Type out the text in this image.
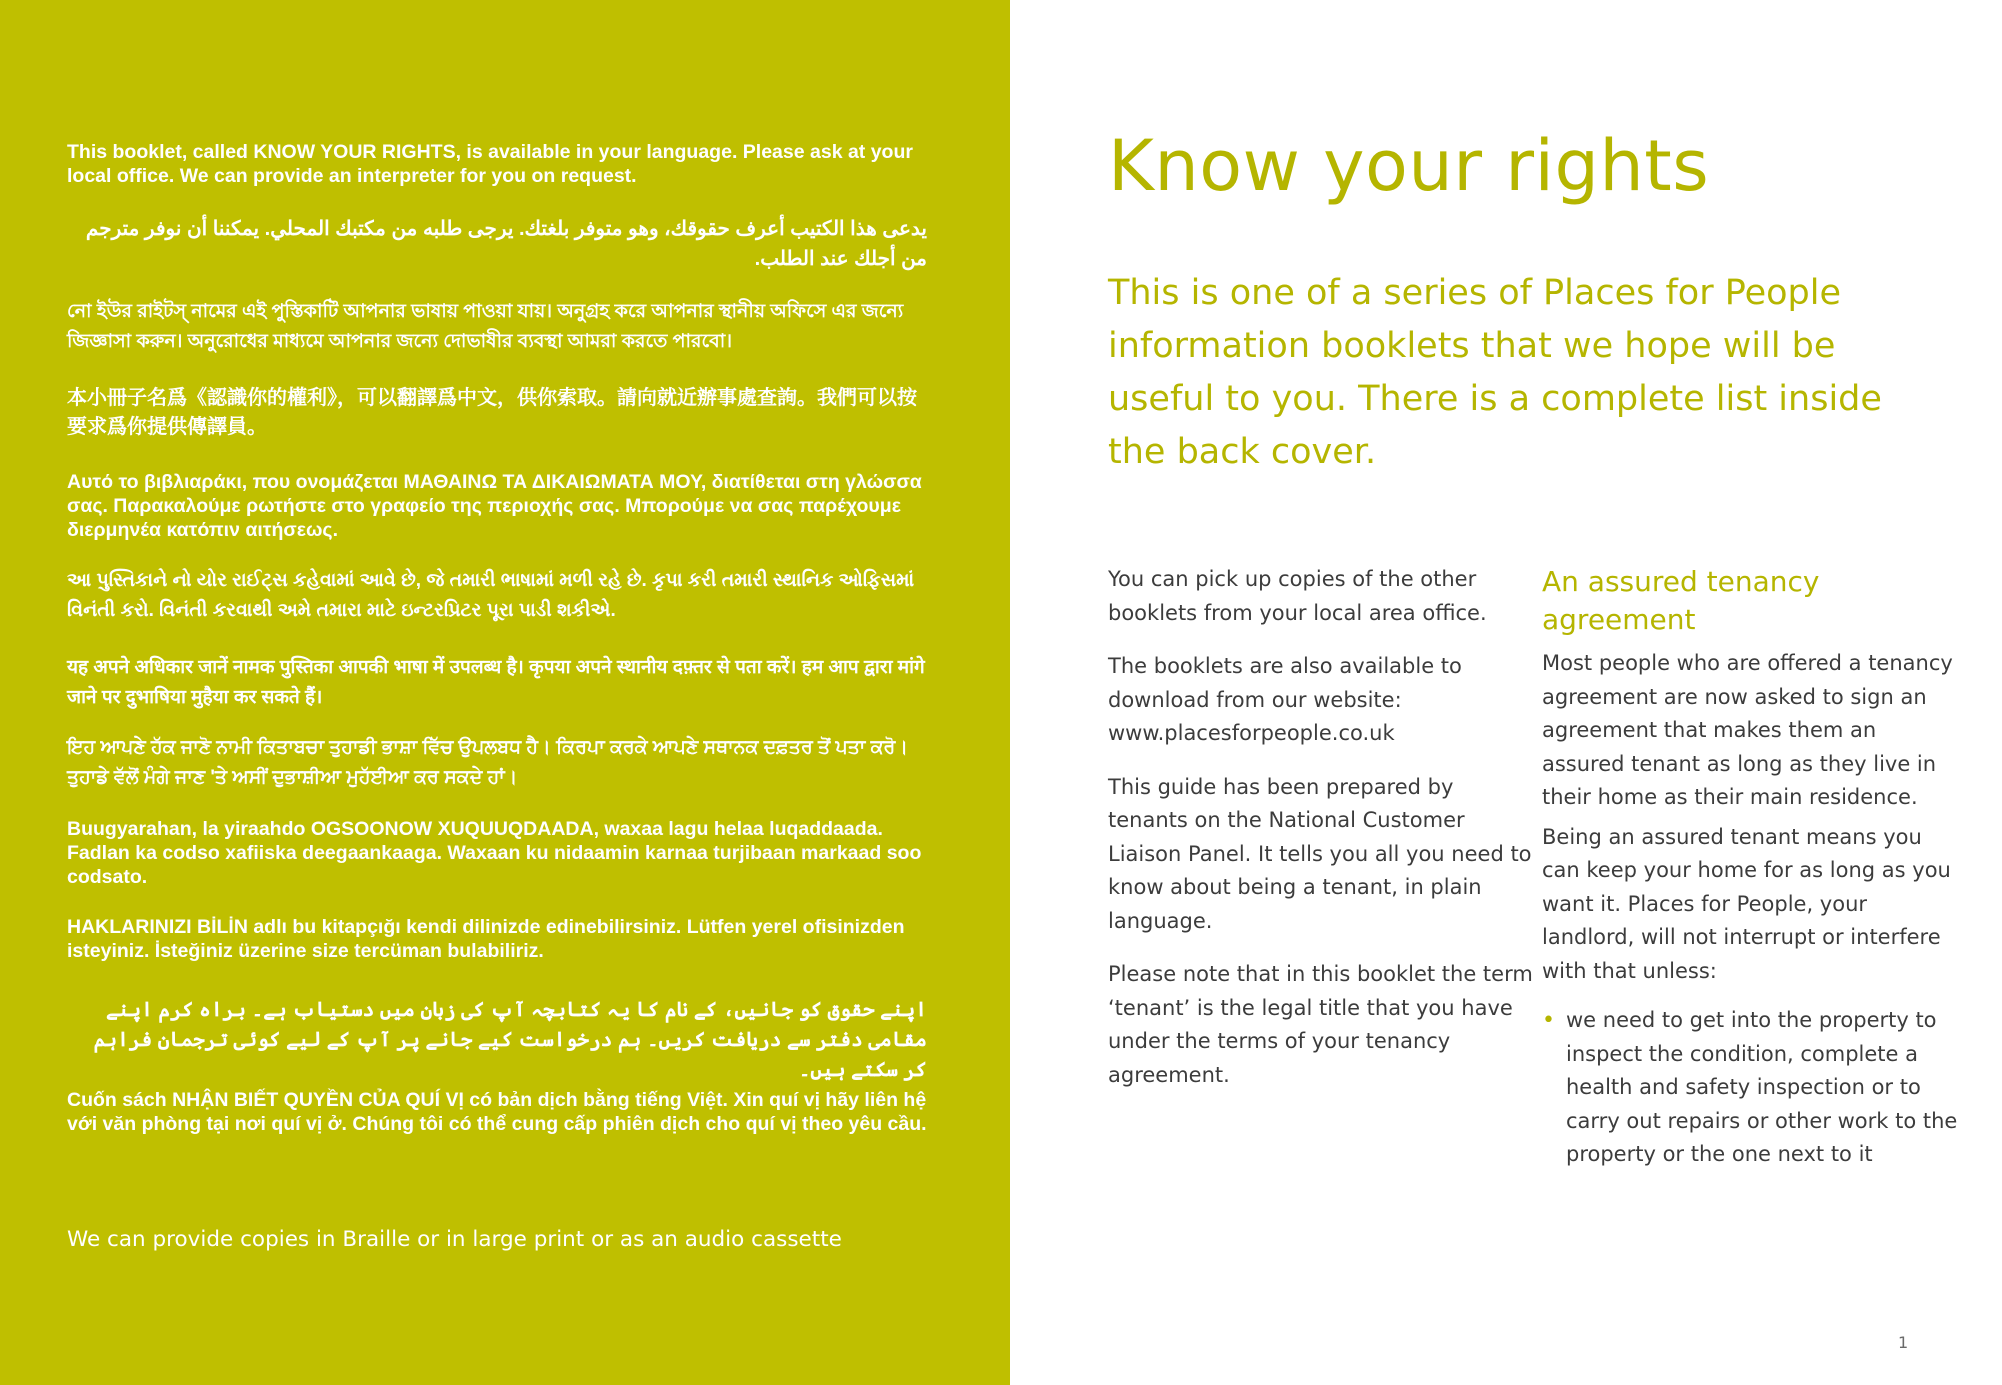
This booklet, called KNOW YOUR RIGHTS, is available in your language. Please ask at your local office. We can provide an interpreter for you on request.

يدعى هذا الكتيب أعرف حقوقك، وهو متوفر بلغتك. يرجى طلبه من مكتبك المحلي. يمكننا أن نوفر مترجم من أجلك عند الطلب.

নো ইউর রাইটস্ নামের এই পুস্তিকাটি আপনার ভাষায় পাওয়া যায়। অনুগ্রহ করে আপনার স্থানীয় অফিসে এর জন্যে জিজ্ঞাসা করুন। অনুরোধের মাধ্যমে আপনার জন্যে দোভাষীর ব্যবস্থা আমরা করতে পারবো।

本小冊子名爲《認識你的權利》，可以翻譯爲中文，供你索取。請向就近辦事處查詢。我們可以按要求爲你提供傳譯員。

Αυτό το βιβλιαράκι, που ονομάζεται ΜΑΘΑΙΝΩ ΤΑ ΔΙΚΑΙΩΜΑΤΑ ΜΟΥ, διατίθεται στη γλώσσα σας. Παρακαλούμε ρωτήστε στο γραφείο της περιοχής σας. Μπορούμε να σας παρέχουμε διερμηνέα κατόπιν αιτήσεως.

આ પુસ્તિકાને નો યોર રાઈટ્સ કહેવામાં આવે છે, જે તમારી ભાષામાં મળી રહે છે. કૃપા કરી તમારી સ્થાનિક ઓફિસમાં વિનંતી કરો. વિનંતી કરવાથી અમે તમારા માટે ઇન્ટરપ્રિટર પૂરા પાડી શકીએ.

यह अपने अधिकार जानें नामक पुस्तिका आपकी भाषा में उपलब्ध है। कृपया अपने स्थानीय दफ़्तर से पता करें। हम आप द्वारा मांगे जाने पर दुभाषिया मुहैया कर सकते हैं।

ਇਹ ਆਪਣੇ ਹੱਕ ਜਾਣੋ ਨਾਮੀ ਕਿਤਾਬਚਾ ਤੁਹਾਡੀ ਭਾਸ਼ਾ ਵਿੱਚ ਉਪਲਬਧ ਹੈ। ਕਿਰਪਾ ਕਰਕੇ ਆਪਣੇ ਸਥਾਨਕ ਦਫ਼ਤਰ ਤੋਂ ਪਤਾ ਕਰੋ। ਤੁਹਾਡੇ ਵੱਲੋਂ ਮੰਗੇ ਜਾਣ 'ਤੇ ਅਸੀਂ ਦੁਭਾਸ਼ੀਆ ਮੁਹੱਈਆ ਕਰ ਸਕਦੇ ਹਾਂ।

Buugyarahan, la yiraahdo OGSOONOW XUQUUQDAADA, waxaa lagu helaa luqaddaada. Fadlan ka codso xafiiska deegaankaaga. Waxaan ku nidaamin karnaa turjibaan markaad soo codsato.

HAKLARINIZI BİLİN adlı bu kitapçığı kendi dilinizde edinebilirsiniz. Lütfen yerel ofisinizden isteyiniz. İsteğiniz üzerine size tercüman bulabiliriz.

اپنے حقوق کو جانیں، کے نام کا یہ کتابچہ آپ کی زبان میں دستیاب ہے۔ براہ کرم اپنے مقامی دفتر سے دریافت کریں۔ ہم درخواست کیے جانے پر آپ کے لیے کوئی ترجمان فراہم کر سکتے ہیں۔

Cuốn sách NHẬN BIẾT QUYỀN CỦA QUÍ VỊ có bản dịch bằng tiếng Việt. Xin quí vị hãy liên hệ với văn phòng tại nơi quí vị ở. Chúng tôi có thể cung cấp phiên dịch cho quí vị theo yêu cầu.

We can provide copies in Braille or in large print or as an audio cassette

Know your rights

This is one of a series of Places for People information booklets that we hope will be useful to you. There is a complete list inside the back cover.

You can pick up copies of the other booklets from your local area office.

The booklets are also available to download from our website: www.placesforpeople.co.uk

This guide has been prepared by tenants on the National Customer Liaison Panel. It tells you all you need to know about being a tenant, in plain language.

Please note that in this booklet the term ‘tenant’ is the legal title that you have under the terms of your tenancy agreement.

An assured tenancy agreement

Most people who are offered a tenancy agreement are now asked to sign an agreement that makes them an assured tenant as long as they live in their home as their main residence.

Being an assured tenant means you can keep your home for as long as you want it. Places for People, your landlord, will not interrupt or interfere with that unless:

• we need to get into the property to inspect the condition, complete a health and safety inspection or to carry out repairs or other work to the property or the one next to it
1
